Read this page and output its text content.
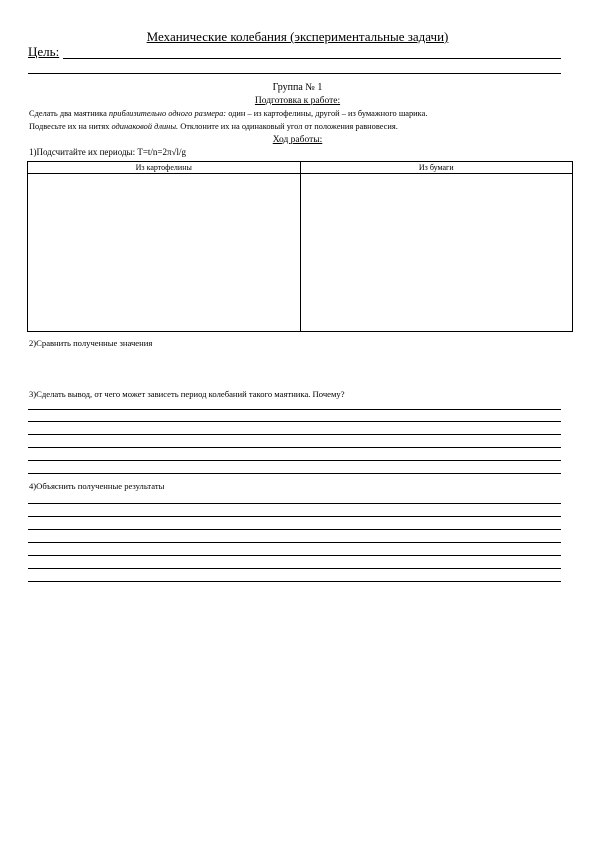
Механические колебания (экспериментальные задачи)
Цель:
Группа № 1
Подготовка к работе:
Сделать два маятника приблизительно одного размера: один – из картофелины, другой – из бумажного шарика.
Подвесьте их на нитях одинаковой длины. Отклоните их на одинаковый угол от положения равновесия.
Ход работы:
1)Подсчитайте их периоды: T=t/n=2π√l/g
Из картофелины	Из бумаги

2)Сравнить полученные значения
3)Сделать вывод, от чего может зависеть период колебаний такого маятника. Почему?
4)Объяснить полученные результаты
